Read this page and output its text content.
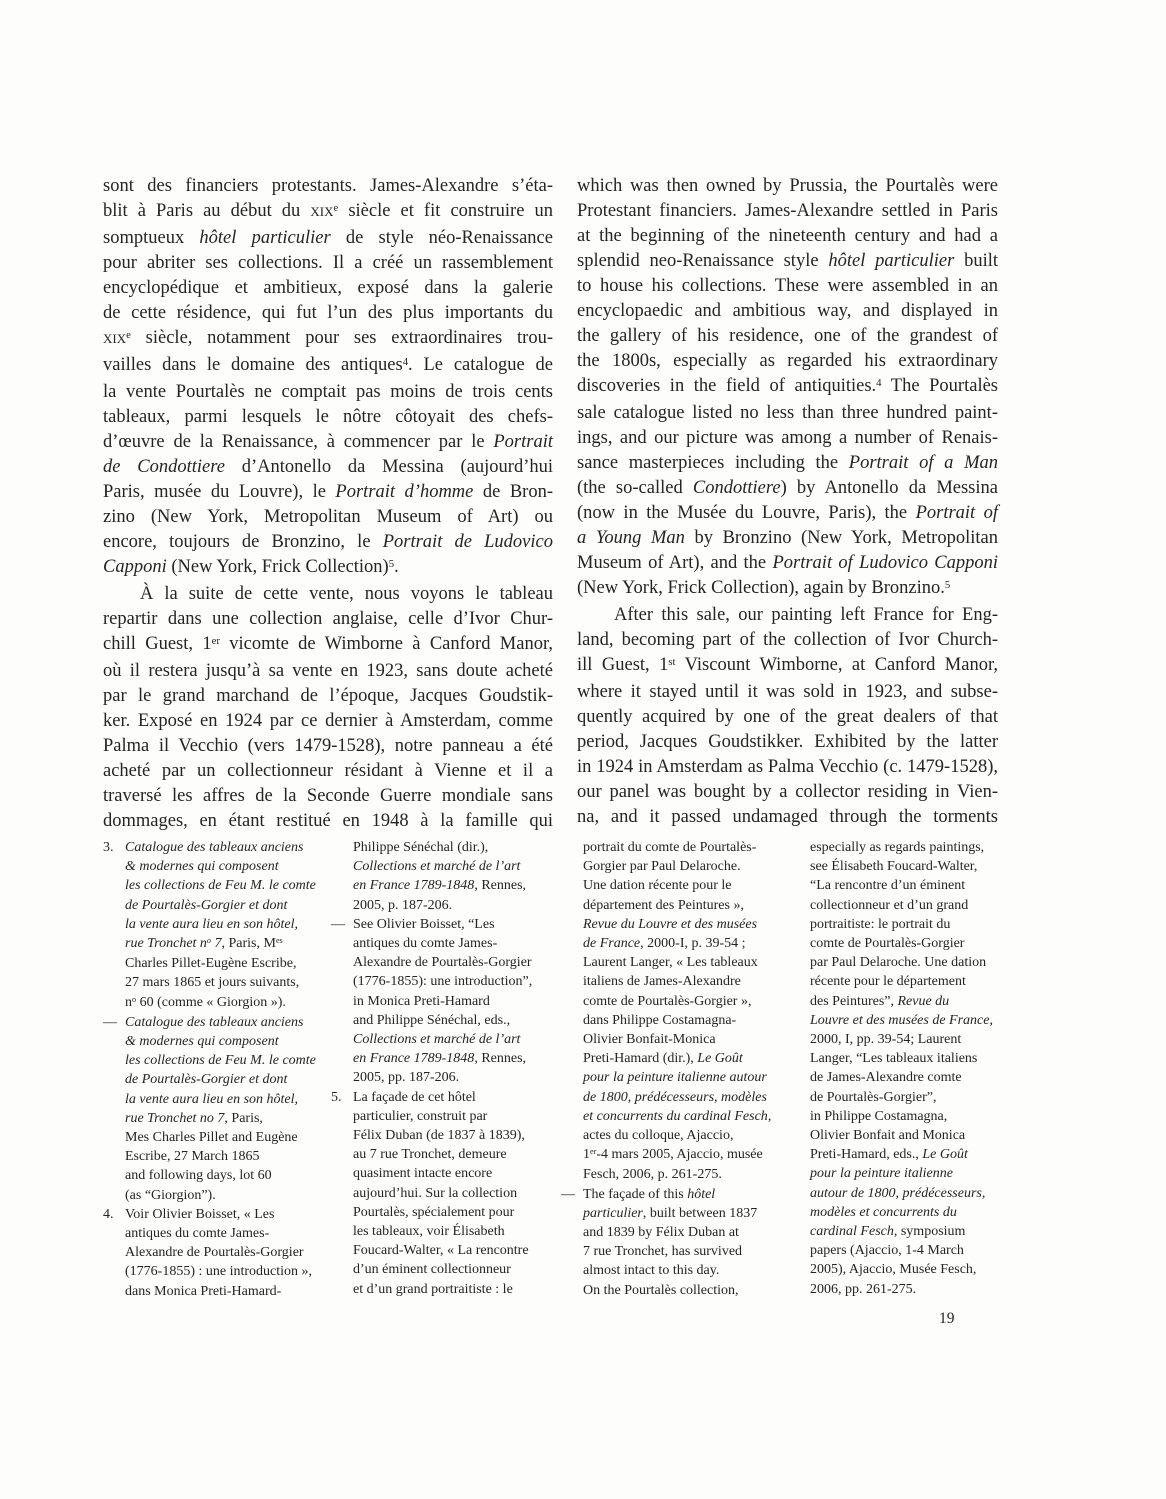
sont des financiers protestants. James-Alexandre s’éta-
blit à Paris au début du xix$^e$ siècle et fit construire un
somptueux hôtel particulier de style néo-Renaissance
pour abriter ses collections. Il a créé un rassemblement
encyclopédique et ambitieux, exposé dans la galerie
de cette résidence, qui fut l’un des plus importants du
xix$^e$ siècle, notamment pour ses extraordinaires trou-
vailles dans le domaine des antiques$^4$. Le catalogue de
la vente Pourtalès ne comptait pas moins de trois cents
tableaux, parmi lesquels le nôtre côtoyait des chefs-
d’œuvre de la Renaissance, à commencer par le Portrait
de Condottiere d’Antonello da Messina (aujourd’hui
Paris, musée du Louvre), le Portrait d’homme de Bron-
zino (New York, Metropolitan Museum of Art) ou
encore, toujours de Bronzino, le Portrait de Ludovico
Capponi (New York, Frick Collection)$^5$.
À la suite de cette vente, nous voyons le tableau
repartir dans une collection anglaise, celle d’Ivor Chur-
chill Guest, 1er vicomte de Wimborne à Canford Manor,
où il restera jusqu’à sa vente en 1923, sans doute acheté
par le grand marchand de l’époque, Jacques Goudstik-
ker. Exposé en 1924 par ce dernier à Amsterdam, comme
Palma il Vecchio (vers 1479-1528), notre panneau a été
acheté par un collectionneur résidant à Vienne et il a
traversé les affres de la Seconde Guerre mondiale sans
dommages, en étant restitué en 1948 à la famille qui
which was then owned by Prussia, the Pourtalès were
Protestant financiers. James-Alexandre settled in Paris
at the beginning of the nineteenth century and had a
splendid neo-Renaissance style hôtel particulier built
to house his collections. These were assembled in an
encyclopaedic and ambitious way, and displayed in
the gallery of his residence, one of the grandest of
the 1800s, especially as regarded his extraordinary
discoveries in the field of antiquities.$^4$ The Pourtalès
sale catalogue listed no less than three hundred paint-
ings, and our picture was among a number of Renais-
sance masterpieces including the Portrait of a Man
(the so-called Condottiere) by Antonello da Messina
(now in the Musée du Louvre, Paris), the Portrait of
a Young Man by Bronzino (New York, Metropolitan
Museum of Art), and the Portrait of Ludovico Capponi
(New York, Frick Collection), again by Bronzino.$^5$
After this sale, our painting left France for Eng-
land, becoming part of the collection of Ivor Church-
ill Guest, 1st Viscount Wimborne, at Canford Manor,
where it stayed until it was sold in 1923, and subse-
quently acquired by one of the great dealers of that
period, Jacques Goudstikker. Exhibited by the latter
in 1924 in Amsterdam as Palma Vecchio (c. 1479-1528),
our panel was bought by a collector residing in Vien-
na, and it passed undamaged through the torments
3. Catalogue des tableaux anciens
& modernes qui composent
les collections de Feu M. le comte
de Pourtalès-Gorgier et dont
la vente aura lieu en son hôtel,
rue Tronchet $n^o$ 7, Paris, $M^{es}$
Charles Pillet-Eugène Escribe,
27 mars 1865 et jours suivants,
$n^o$ 60 (comme « Giorgion »).
— Catalogue des tableaux anciens
& modernes qui composent
les collections de Feu M. le comte
de Pourtalès-Gorgier et dont
la vente aura lieu en son hôtel,
rue Tronchet no 7, Paris,
Mes Charles Pillet and Eugène
Escribe, 27 March 1865
and following days, lot 60
(as “Giorgion”).
4. Voir Olivier Boisset, « Les
antiques du comte James-
Alexandre de Pourtalès-Gorgier
(1776-1855) : une introduction »,
dans Monica Preti-Hamard-
Philippe Sénéchal (dir.),
Collections et marché de l’art
en France 1789-1848, Rennes,
2005, p. 187-206.
— See Olivier Boisset, “Les
antiques du comte James-
Alexandre de Pourtalès-Gorgier
(1776-1855): une introduction”,
in Monica Preti-Hamard
and Philippe Sénéchal, eds.,
Collections et marché de l’art
en France 1789-1848, Rennes,
2005, pp. 187-206.
5. La façade de cet hôtel
particulier, construit par
Félix Duban (de 1837 à 1839),
au 7 rue Tronchet, demeure
quasiment intacte encore
aujourd’hui. Sur la collection
Pourtalès, spécialement pour
les tableaux, voir Élisabeth
Foucard-Walter, « La rencontre
d’un éminent collectionneur
et d’un grand portraitiste : le
portrait du comte de Pourtalès-
Gorgier par Paul Delaroche.
Une dation récente pour le
département des Peintures »,
Revue du Louvre et des musées
de France, 2000-I, p. 39-54 ;
Laurent Langer, « Les tableaux
italiens de James-Alexandre
comte de Pourtalès-Gorgier »,
dans Philippe Costamagna-
Olivier Bonfait-Monica
Preti-Hamard (dir.), Le Goût
pour la peinture italienne autour
de 1800, prédécesseurs, modèles
et concurrents du cardinal Fesch,
actes du colloque, Ajaccio,
1er-4 mars 2005, Ajaccio, musée
Fesch, 2006, p. 261-275.
— The façade of this hôtel
particulier, built between 1837
and 1839 by Félix Duban at
7 rue Tronchet, has survived
almost intact to this day.
On the Pourtalès collection,
especially as regards paintings,
see Élisabeth Foucard-Walter,
“La rencontre d’un éminent
collectionneur et d’un grand
portraitiste: le portrait du
comte de Pourtalès-Gorgier
par Paul Delaroche. Une dation
récente pour le département
des Peintures”, Revue du
Louvre et des musées de France,
2000, I, pp. 39-54; Laurent
Langer, “Les tableaux italiens
de James-Alexandre comte
de Pourtalès-Gorgier”,
in Philippe Costamagna,
Olivier Bonfait and Monica
Preti-Hamard, eds., Le Goût
pour la peinture italienne
autour de 1800, prédécesseurs,
modèles et concurrents du
cardinal Fesch, symposium
papers (Ajaccio, 1-4 March
2005), Ajaccio, Musée Fesch,
2006, pp. 261-275.
19
